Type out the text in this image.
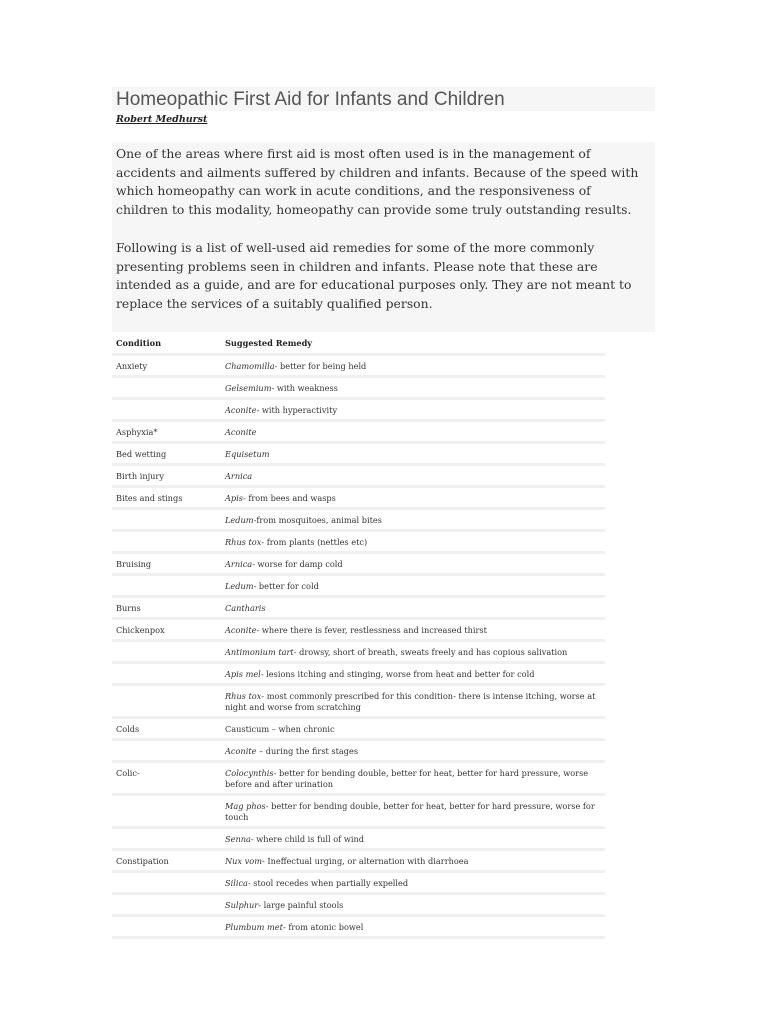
Homeopathic First Aid for Infants and Children
Robert Medhurst
One of the areas where first aid is most often used is in the management of accidents and ailments suffered by children and infants. Because of the speed with which homeopathy can work in acute conditions, and the responsiveness of children to this modality, homeopathy can provide some truly outstanding results.
Following is a list of well-used aid remedies for some of the more commonly presenting problems seen in children and infants. Please note that these are intended as a guide, and are for educational purposes only. They are not meant to replace the services of a suitably qualified person.
Condition	Suggested Remedy
Anxiety	Chamomilla- better for being held
	Gelsemium- with weakness
	Aconite- with hyperactivity
Asphyxia*	Aconite
Bed wetting	Equisetum
Birth injury	Arnica
Bites and stings	Apis- from bees and wasps
	Ledum-from mosquitoes, animal bites
	Rhus tox- from plants (nettles etc)
Bruising	Arnica- worse for damp cold
	Ledum- better for cold
Burns	Cantharis
Chickenpox	Aconite- where there is fever, restlessness and increased thirst
	Antimonium tart- drowsy, short of breath, sweats freely and has copious salivation
	Apis mel- lesions itching and stinging, worse from heat and better for cold
	Rhus tox- most commonly prescribed for this condition- there is intense itching, worse at night and worse from scratching
Colds	Causticum – when chronic
	Aconite – during the first stages
Colic-	Colocynthis- better for bending double, better for heat, better for hard pressure, worse before and after urination
	Mag phos- better for bending double, better for heat, better for hard pressure, worse for touch
	Senna- where child is full of wind
Constipation	Nux vom- Ineffectual urging, or alternation with diarrhoea
	Silica- stool recedes when partially expelled
	Sulphur- large painful stools
	Plumbum met- from atonic bowel
